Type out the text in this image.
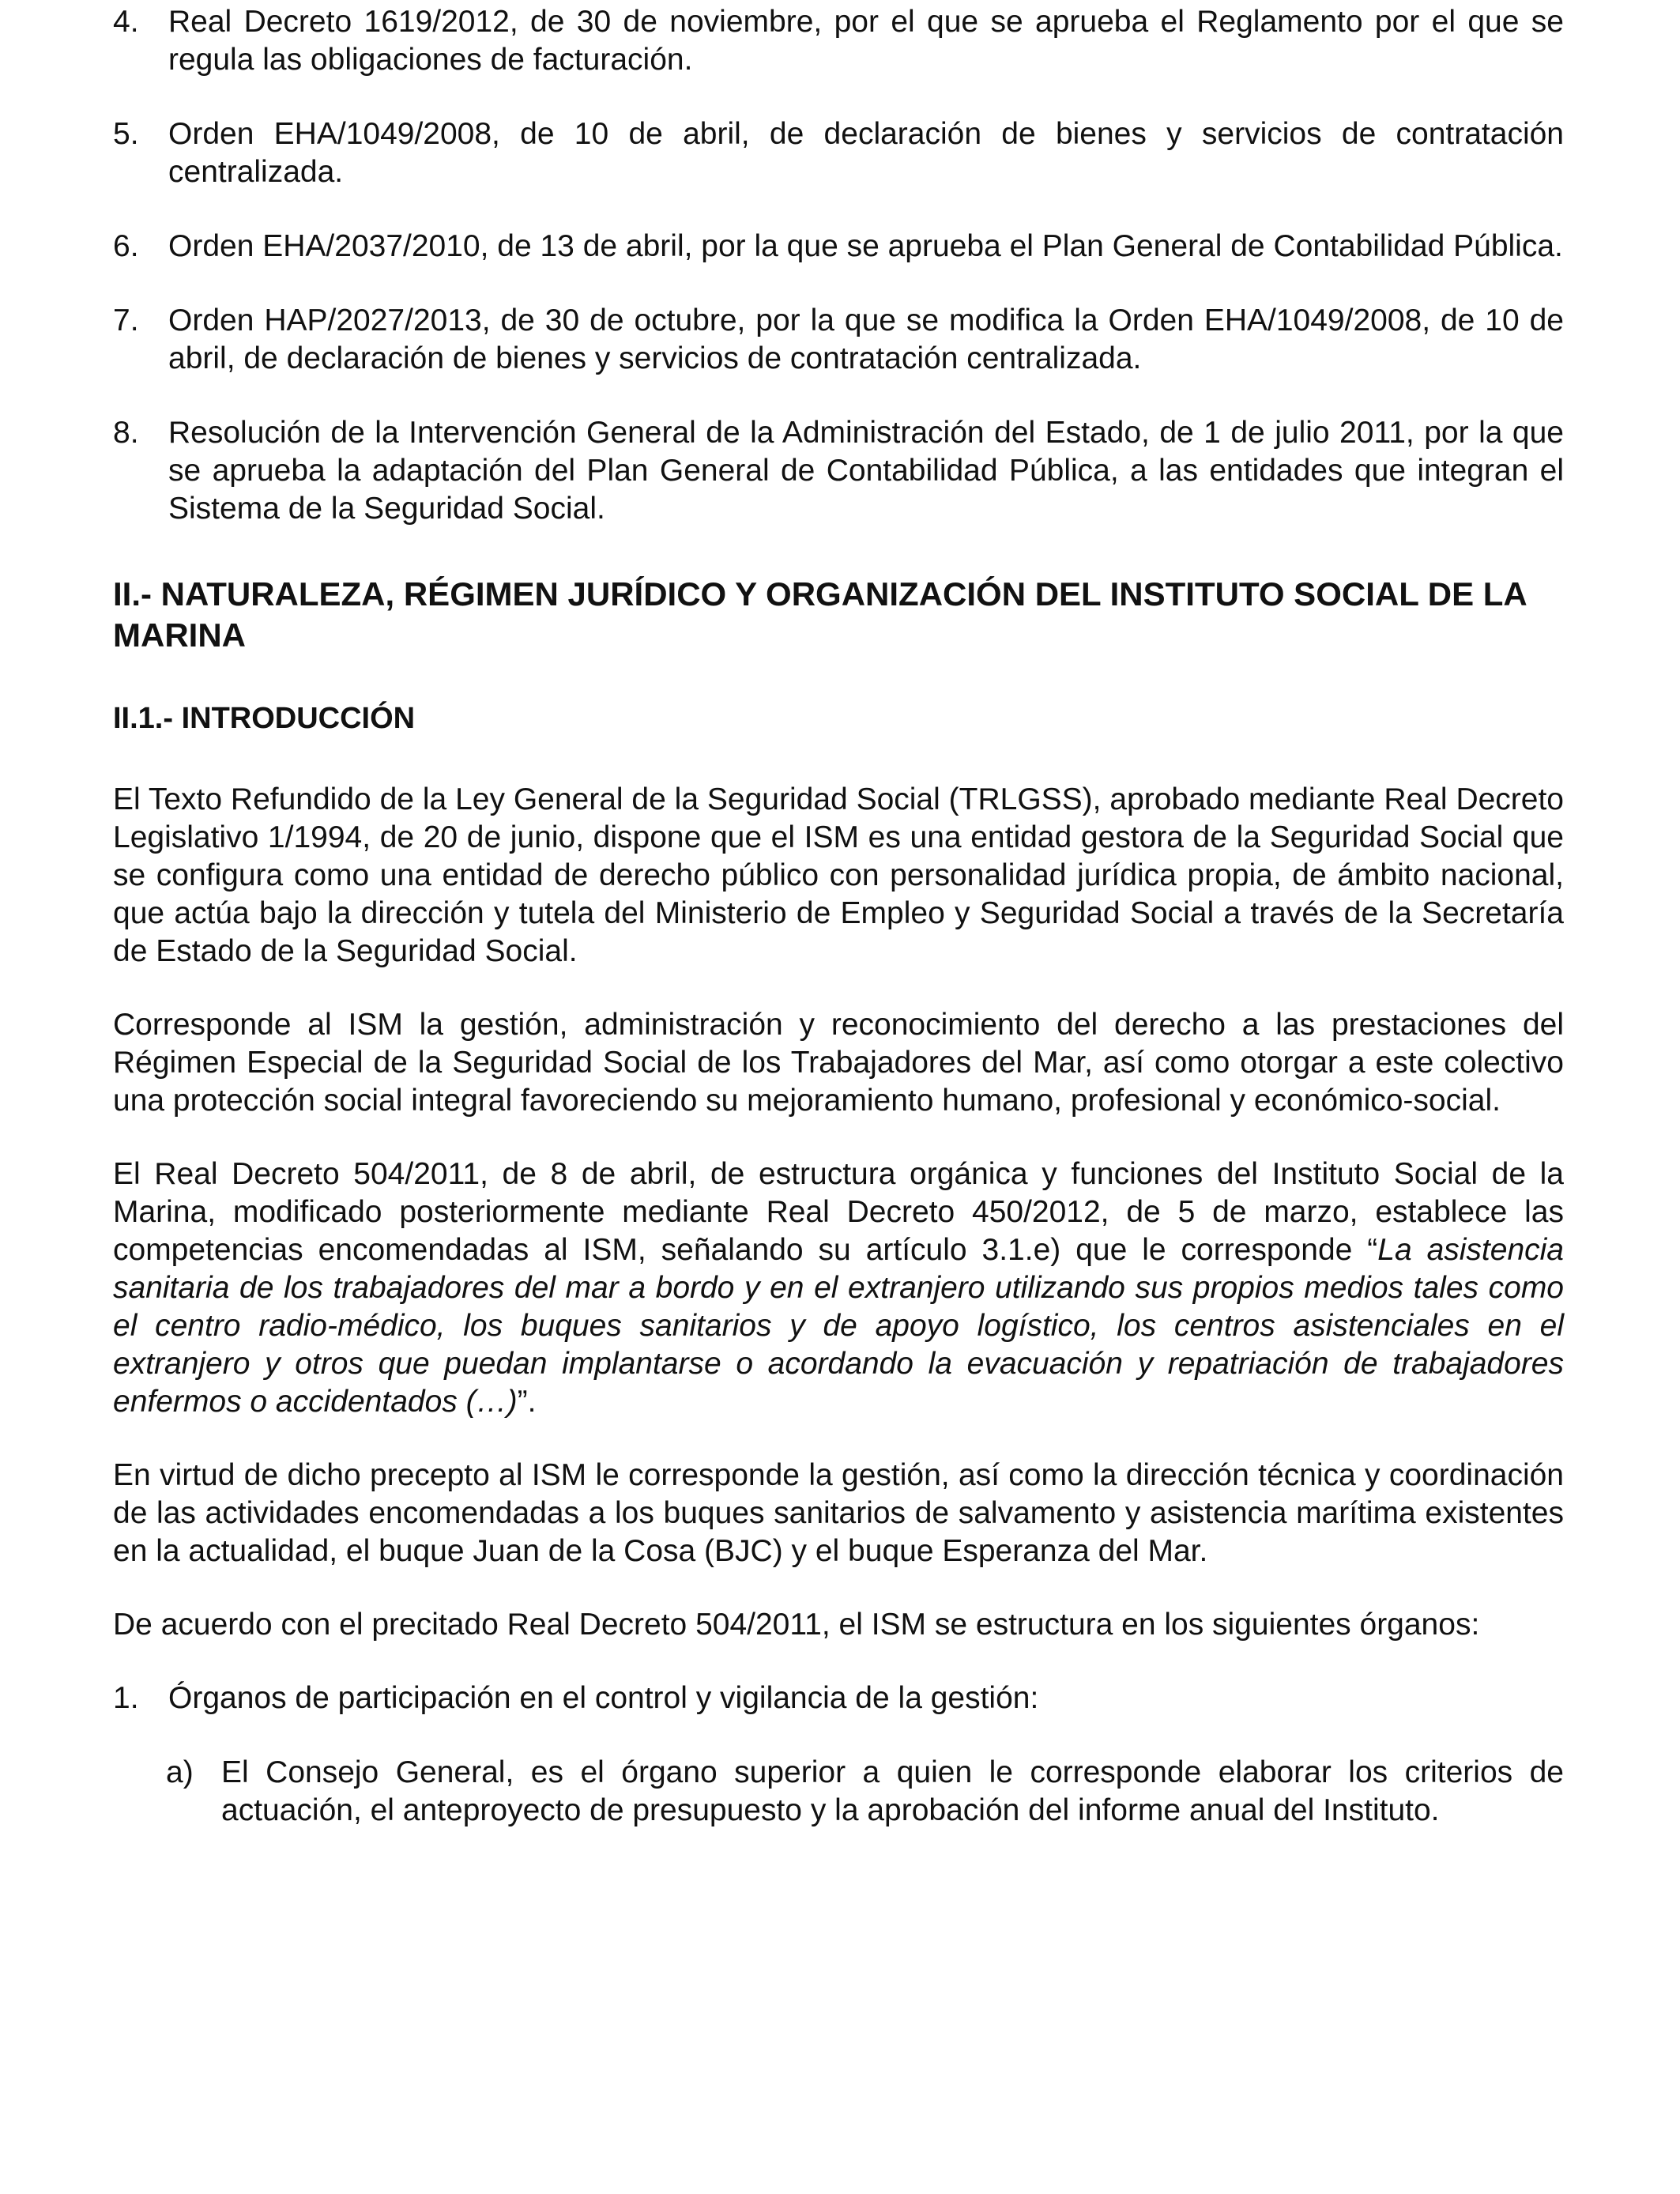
4. Real Decreto 1619/2012, de 30 de noviembre, por el que se aprueba el Reglamento por el que se regula las obligaciones de facturación.
5. Orden EHA/1049/2008, de 10 de abril, de declaración de bienes y servicios de contratación centralizada.
6. Orden EHA/2037/2010, de 13 de abril, por la que se aprueba el Plan General de Contabilidad Pública.
7. Orden HAP/2027/2013, de 30 de octubre, por la que se modifica la Orden EHA/1049/2008, de 10 de abril, de declaración de bienes y servicios de contratación centralizada.
8. Resolución de la Intervención General de la Administración del Estado, de 1 de julio 2011, por la que se aprueba la adaptación del Plan General de Contabilidad Pública, a las entidades que integran el Sistema de la Seguridad Social.
II.- NATURALEZA, RÉGIMEN JURÍDICO Y ORGANIZACIÓN DEL INSTITUTO SOCIAL DE LA MARINA
II.1.- INTRODUCCIÓN

El Texto Refundido de la Ley General de la Seguridad Social (TRLGSS), aprobado mediante Real Decreto Legislativo 1/1994, de 20 de junio, dispone que el ISM es una entidad gestora de la Seguridad Social que se configura como una entidad de derecho público con personalidad jurídica propia, de ámbito nacional, que actúa bajo la dirección y tutela del Ministerio de Empleo y Seguridad Social a través de la Secretaría de Estado de la Seguridad Social.

Corresponde al ISM la gestión, administración y reconocimiento del derecho a las prestaciones del Régimen Especial de la Seguridad Social de los Trabajadores del Mar, así como otorgar a este colectivo una protección social integral favoreciendo su mejoramiento humano, profesional y económico-social.

El Real Decreto 504/2011, de 8 de abril, de estructura orgánica y funciones del Instituto Social de la Marina, modificado posteriormente mediante Real Decreto 450/2012, de 5 de marzo, establece las competencias encomendadas al ISM, señalando su artículo 3.1.e) que le corresponde “La asistencia sanitaria de los trabajadores del mar a bordo y en el extranjero utilizando sus propios medios tales como el centro radio-médico, los buques sanitarios y de apoyo logístico, los centros asistenciales en el extranjero y otros que puedan implantarse o acordando la evacuación y repatriación de trabajadores enfermos o accidentados (…)”.

En virtud de dicho precepto al ISM le corresponde la gestión, así como la dirección técnica y coordinación de las actividades encomendadas a los buques sanitarios de salvamento y asistencia marítima existentes en la actualidad, el buque Juan de la Cosa (BJC) y el buque Esperanza del Mar.

De acuerdo con el precitado Real Decreto 504/2011, el ISM se estructura en los siguientes órganos:

1. Órganos de participación en el control y vigilancia de la gestión:
a) El Consejo General, es el órgano superior a quien le corresponde elaborar los criterios de actuación, el anteproyecto de presupuesto y la aprobación del informe anual del Instituto.
